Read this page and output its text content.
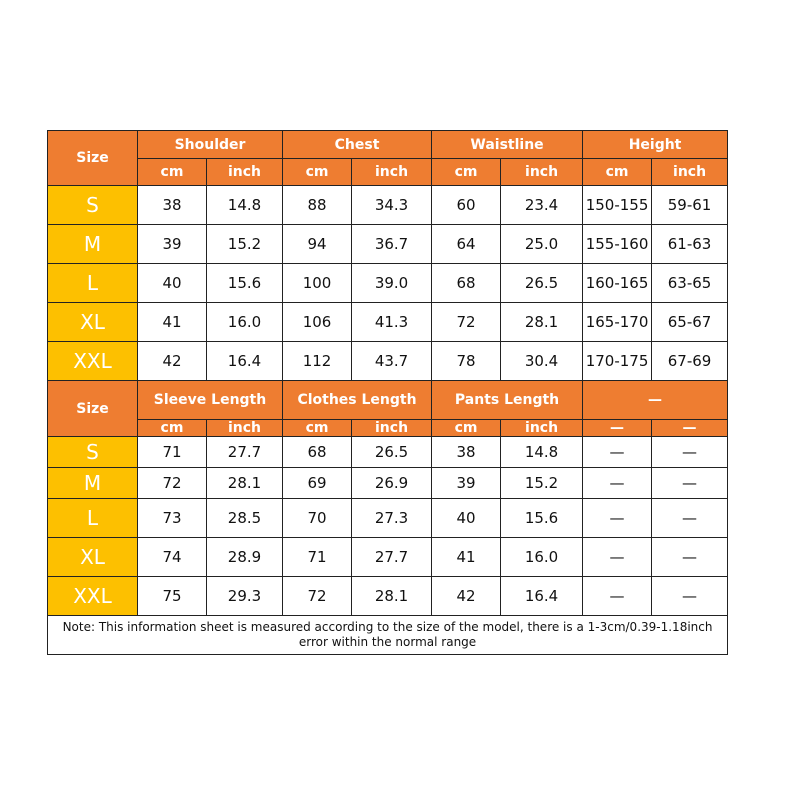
Size	Shoulder		Chest		Waistline		Height	
	cm	inch	cm	inch	cm	inch	cm	inch
S	38	14.8	88	34.3	60	23.4	150-155	59-61
M	39	15.2	94	36.7	64	25.0	155-160	61-63
L	40	15.6	100	39.0	68	26.5	160-165	63-65
XL	41	16.0	106	41.3	72	28.1	165-170	65-67
XXL	42	16.4	112	43.7	78	30.4	170-175	67-69
Size	Sleeve Length		Clothes Length		Pants Length		—	
	cm	inch	cm	inch	cm	inch	—	—
S	71	27.7	68	26.5	38	14.8	—	—
M	72	28.1	69	26.9	39	15.2	—	—
L	73	28.5	70	27.3	40	15.6	—	—
XL	74	28.9	71	27.7	41	16.0	—	—
XXL	75	29.3	72	28.1	42	16.4	—	—
Note: This information sheet is measured according to the size of the model, there is a 1-3cm/0.39-1.18inch error within the normal range								
